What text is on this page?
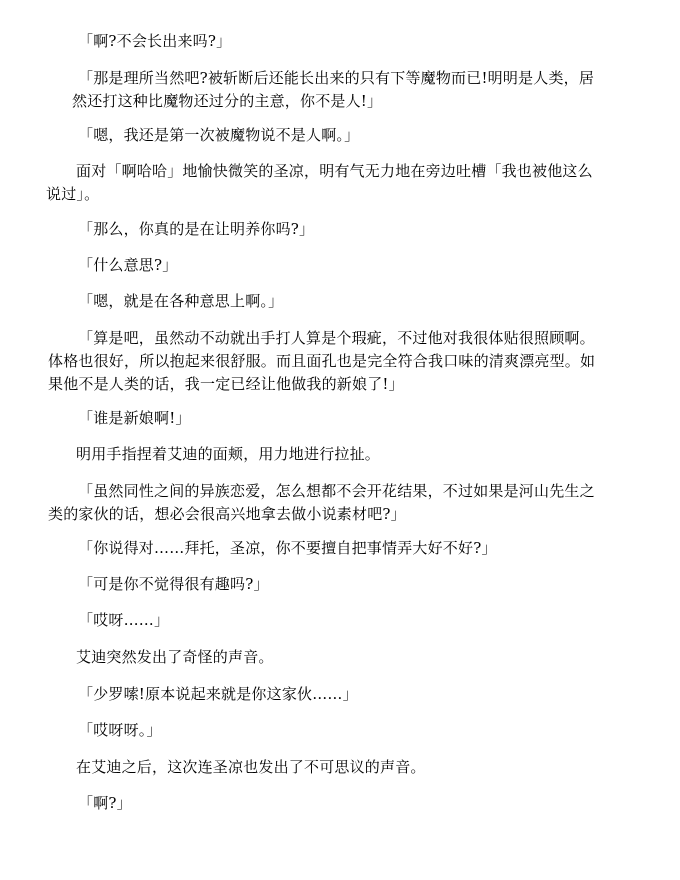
「啊?不会长出来吗?」
「那是理所当然吧?被斩断后还能长出来的只有下等魔物而已!明明是人类，居
然还打这种比魔物还过分的主意，你不是人!」
「嗯，我还是第一次被魔物说不是人啊。」
面对「啊哈哈」地愉快微笑的圣凉，明有气无力地在旁边吐槽「我也被他这么
说过」。
「那么，你真的是在让明养你吗?」
「什么意思?」
「嗯，就是在各种意思上啊。」
「算是吧，虽然动不动就出手打人算是个瑕疵，不过他对我很体贴很照顾啊。
体格也很好，所以抱起来很舒服。而且面孔也是完全符合我口味的清爽漂亮型。如
果他不是人类的话，我一定已经让他做我的新娘了!」
「谁是新娘啊!」
明用手指捏着艾迪的面颊，用力地进行拉扯。
「虽然同性之间的异族恋爱，怎么想都不会开花结果，不过如果是河山先生之
类的家伙的话，想必会很高兴地拿去做小说素材吧?」
「你说得对……拜托，圣凉，你不要擅自把事情弄大好不好?」
「可是你不觉得很有趣吗?」
「哎呀……」
艾迪突然发出了奇怪的声音。
「少罗嗦!原本说起来就是你这家伙……」
「哎呀呀。」
在艾迪之后，这次连圣凉也发出了不可思议的声音。
「啊?」
